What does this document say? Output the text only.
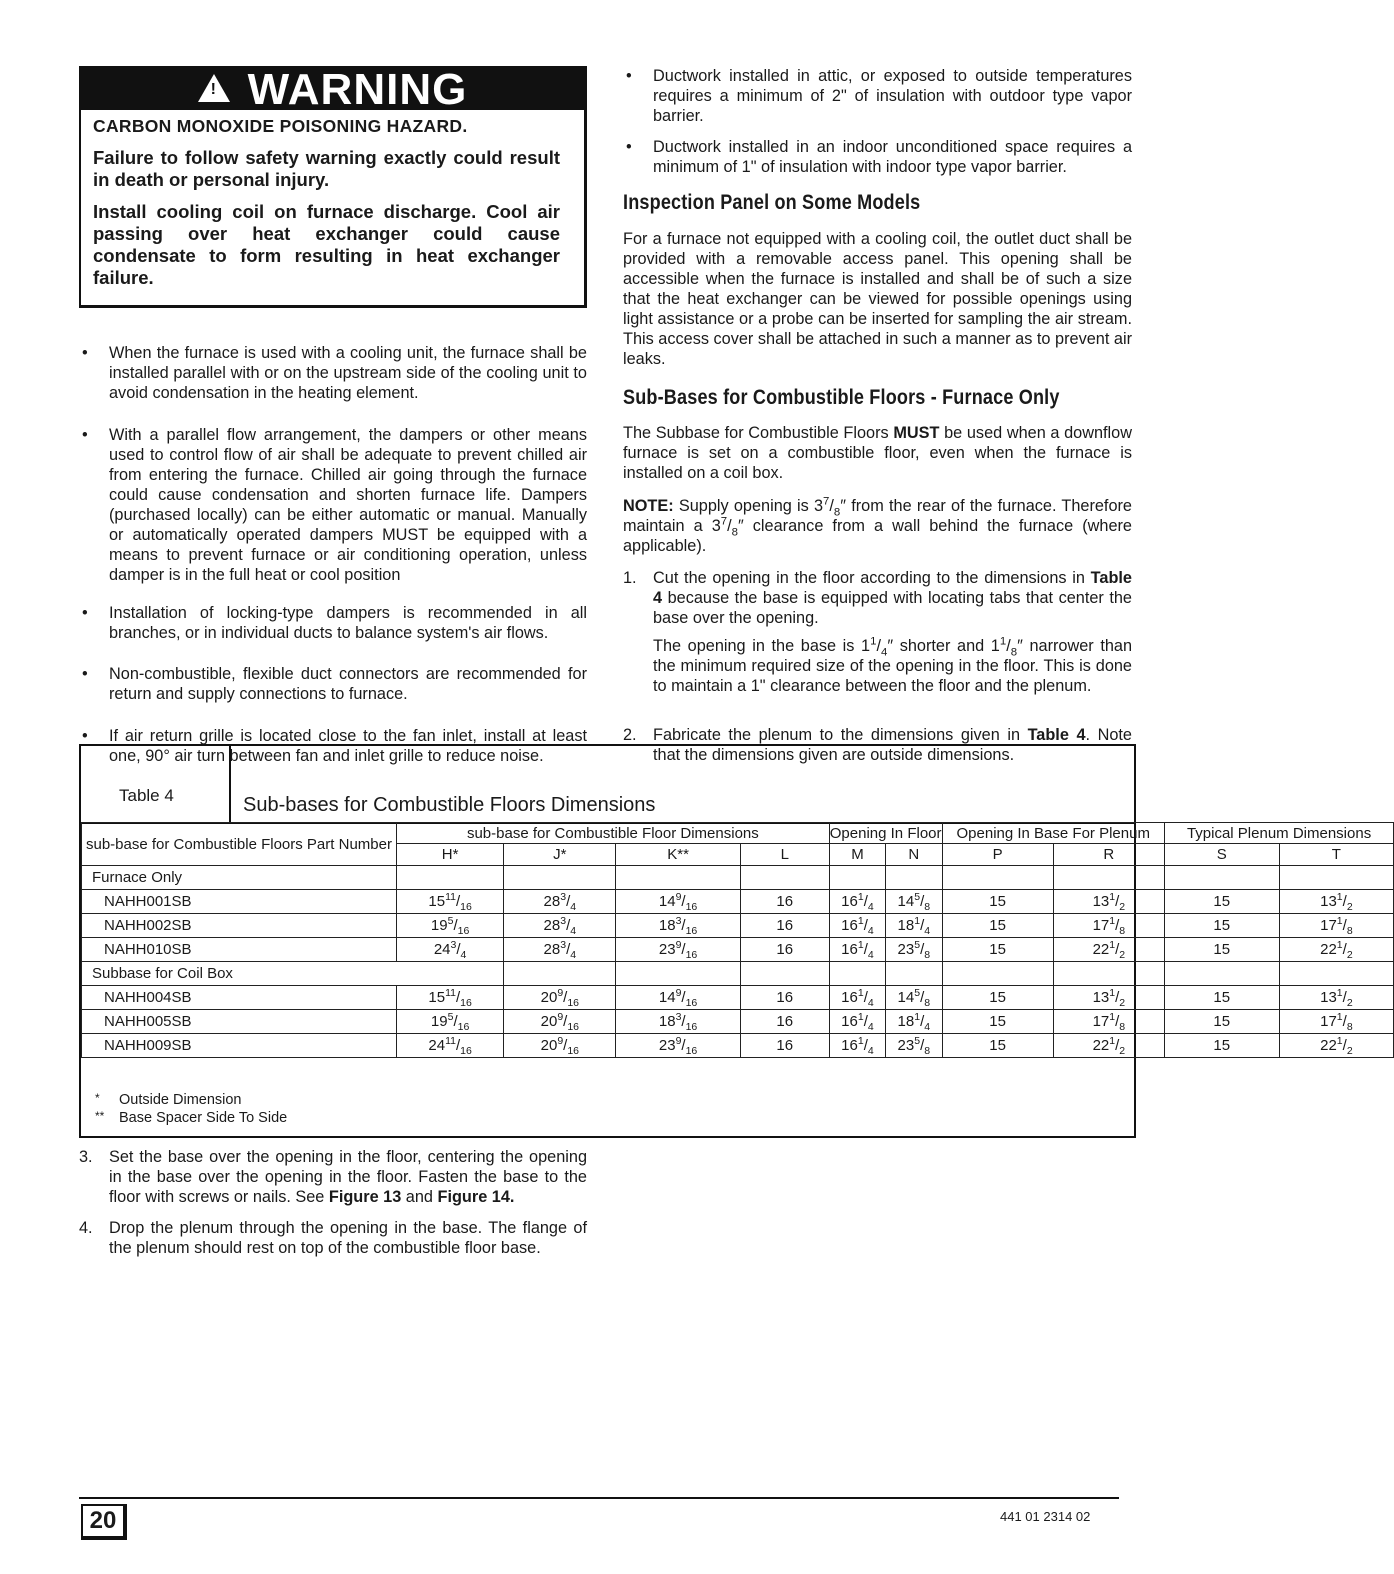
! WARNING

CARBON MONOXIDE POISONING HAZARD.

Failure to follow safety warning exactly could result in death or personal injury.

Install cooling coil on furnace discharge. Cool air passing over heat exchanger could cause condensate to form resulting in heat exchanger failure.

• When the furnace is used with a cooling unit, the furnace shall be installed parallel with or on the upstream side of the cooling unit to avoid condensation in the heating element.
• With a parallel flow arrangement, the dampers or other means used to control flow of air shall be adequate to prevent chilled air from entering the furnace. Chilled air going through the furnace could cause condensation and shorten furnace life. Dampers (purchased locally) can be either automatic or manual. Manually or automatically operated dampers MUST be equipped with a means to prevent furnace or air conditioning operation, unless damper is in the full heat or cool position
• Installation of locking-type dampers is recommended in all branches, or in individual ducts to balance system's air flows.
• Non-combustible, flexible duct connectors are recommended for return and supply connections to furnace.
• If air return grille is located close to the fan inlet, install at least one, 90° air turn between fan and inlet grille to reduce noise.
• Ductwork installed in attic, or exposed to outside temperatures requires a minimum of 2" of insulation with outdoor type vapor barrier.
• Ductwork installed in an indoor unconditioned space requires a minimum of 1" of insulation with indoor type vapor barrier.
Inspection Panel on Some Models

For a furnace not equipped with a cooling coil, the outlet duct shall be provided with a removable access panel. This opening shall be accessible when the furnace is installed and shall be of such a size that the heat exchanger can be viewed for possible openings using light assistance or a probe can be inserted for sampling the air stream. This access cover shall be attached in such a manner as to prevent air leaks.

Sub-Bases for Combustible Floors - Furnace Only

The Subbase for Combustible Floors MUST be used when a downflow furnace is set on a combustible floor, even when the furnace is installed on a coil box.

NOTE: Supply opening is $3^7/_8''$ from the rear of the furnace. Therefore maintain a $3^7/_8''$ clearance from a wall behind the furnace (where applicable).

1. Cut the opening in the floor according to the dimensions in Table 4 because the base is equipped with locating tabs that center the base over the opening.

The opening in the base is $1^1/_4''$ shorter and $1^1/_8''$ narrower than the minimum required size of the opening in the floor. This is done to maintain a 1" clearance between the floor and the plenum.

2. Fabricate the plenum to the dimensions given in Table 4. Note that the dimensions given are outside dimensions.

Table 4	Sub-bases for Combustible Floors Dimensions
sub-base for Combustible Floors Part Number	sub-base for Combustible Floor Dimensions				Opening In Floor		Opening In Base For Plenum		Typical Plenum Dimensions	
	H*	J*	K**	L	M	N	P	R	S	T
Furnace Only										
NAHH001SB	$15^{11}/_{16}$	$28^3/_4$	$14^9/_{16}$	16	$16^1/_4$	$14^5/_8$	15	$13^1/_2$	15	$13^1/_2$
NAHH002SB	$19^5/_{16}$	$28^3/_4$	$18^3/_{16}$	16	$16^1/_4$	$18^1/_4$	15	$17^1/_8$	15	$17^1/_8$
NAHH010SB	$24^3/_4$	$28^3/_4$	$23^9/_{16}$	16	$16^1/_4$	$23^5/_8$	15	$22^1/_2$	15	$22^1/_2$
Subbase for Coil Box										
NAHH004SB	$15^{11}/_{16}$	$20^9/_{16}$	$14^9/_{16}$	16	$16^1/_4$	$14^5/_8$	15	$13^1/_2$	15	$13^1/_2$
NAHH005SB	$19^5/_{16}$	$20^9/_{16}$	$18^3/_{16}$	16	$16^1/_4$	$18^1/_4$	15	$17^1/_8$	15	$17^1/_8$
NAHH009SB	$24^{11}/_{16}$	$20^9/_{16}$	$23^9/_{16}$	16	$16^1/_4$	$23^5/_8$	15	$22^1/_2$	15	$22^1/_2$
* Outside Dimension
** Base Spacer Side To Side
3. Set the base over the opening in the floor, centering the opening in the base over the opening in the floor. Fasten the base to the floor with screws or nails. See Figure 13 and Figure 14.

4. Drop the plenum through the opening in the base. The flange of the plenum should rest on top of the combustible floor base.

20	441 01 2314 02
